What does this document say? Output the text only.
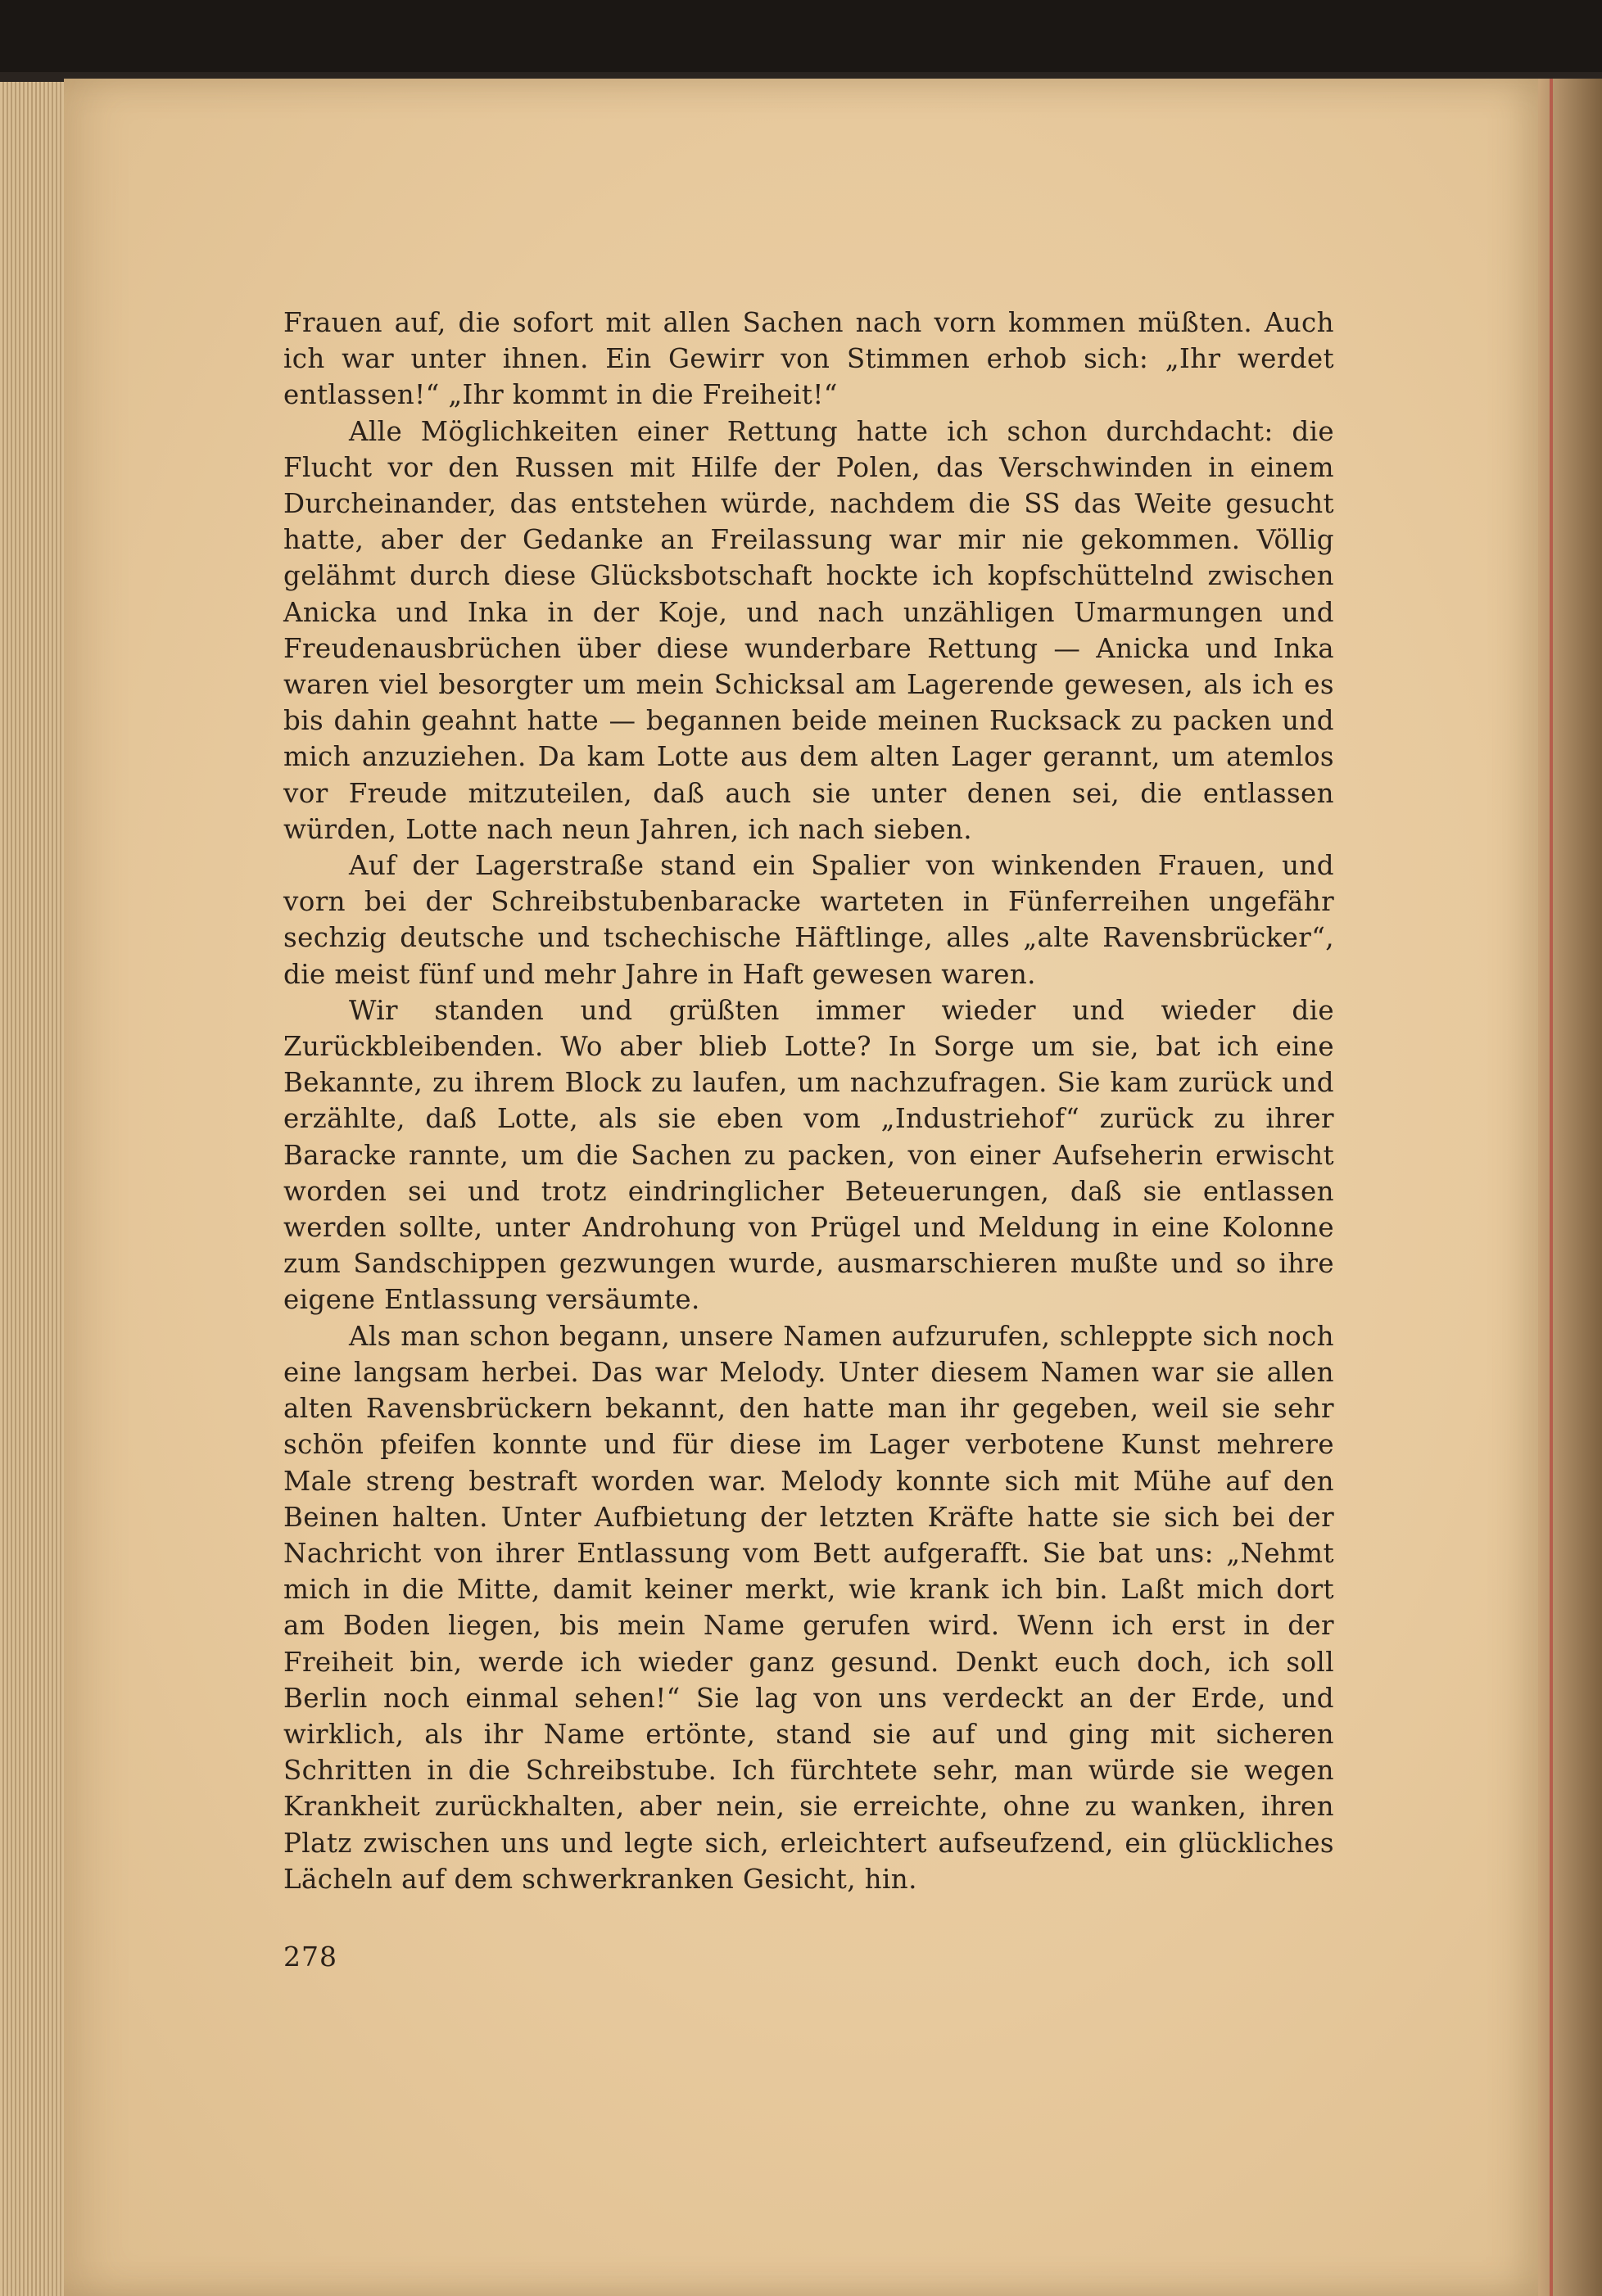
Frauen auf, die sofort mit allen Sachen nach vorn kommen müßten. Auch ich war unter ihnen. Ein Gewirr von Stimmen erhob sich: „Ihr werdet entlassen!“ „Ihr kommt in die Freiheit!“

Alle Möglichkeiten einer Rettung hatte ich schon durchdacht: die Flucht vor den Russen mit Hilfe der Polen, das Verschwinden in einem Durcheinander, das entstehen würde, nachdem die SS das Weite gesucht hatte, aber der Gedanke an Freilassung war mir nie gekommen. Völlig gelähmt durch diese Glücksbotschaft hockte ich kopfschüttelnd zwischen Anicka und Inka in der Koje, und nach unzähligen Umarmungen und Freudenausbrüchen über diese wunderbare Rettung — Anicka und Inka waren viel besorgter um mein Schicksal am Lagerende gewesen, als ich es bis dahin geahnt hatte — begannen beide meinen Rucksack zu packen und mich anzuziehen. Da kam Lotte aus dem alten Lager gerannt, um atemlos vor Freude mitzuteilen, daß auch sie unter denen sei, die entlassen würden, Lotte nach neun Jahren, ich nach sieben.

Auf der Lagerstraße stand ein Spalier von winkenden Frauen, und vorn bei der Schreibstubenbaracke warteten in Fünferreihen ungefähr sechzig deutsche und tschechische Häftlinge, alles „alte Ravensbrücker“, die meist fünf und mehr Jahre in Haft gewesen waren.

Wir standen und grüßten immer wieder und wieder die Zurückbleibenden. Wo aber blieb Lotte? In Sorge um sie, bat ich eine Bekannte, zu ihrem Block zu laufen, um nachzufragen. Sie kam zurück und erzählte, daß Lotte, als sie eben vom „Industriehof“ zurück zu ihrer Baracke rannte, um die Sachen zu packen, von einer Aufseherin erwischt worden sei und trotz eindringlicher Beteuerungen, daß sie entlassen werden sollte, unter Androhung von Prügel und Meldung in eine Kolonne zum Sandschippen gezwungen wurde, ausmarschieren mußte und so ihre eigene Entlassung versäumte.

Als man schon begann, unsere Namen aufzurufen, schleppte sich noch eine langsam herbei. Das war Melody. Unter diesem Namen war sie allen alten Ravensbrückern bekannt, den hatte man ihr gegeben, weil sie sehr schön pfeifen konnte und für diese im Lager verbotene Kunst mehrere Male streng bestraft worden war. Melody konnte sich mit Mühe auf den Beinen halten. Unter Aufbietung der letzten Kräfte hatte sie sich bei der Nachricht von ihrer Entlassung vom Bett aufgerafft. Sie bat uns: „Nehmt mich in die Mitte, damit keiner merkt, wie krank ich bin. Laßt mich dort am Boden liegen, bis mein Name gerufen wird. Wenn ich erst in der Freiheit bin, werde ich wieder ganz gesund. Denkt euch doch, ich soll Berlin noch einmal sehen!“ Sie lag von uns verdeckt an der Erde, und wirklich, als ihr Name ertönte, stand sie auf und ging mit sicheren Schritten in die Schreibstube. Ich fürchtete sehr, man würde sie wegen Krankheit zurückhalten, aber nein, sie erreichte, ohne zu wanken, ihren Platz zwischen uns und legte sich, erleichtert aufseufzend, ein glückliches Lächeln auf dem schwerkranken Gesicht, hin.

278
